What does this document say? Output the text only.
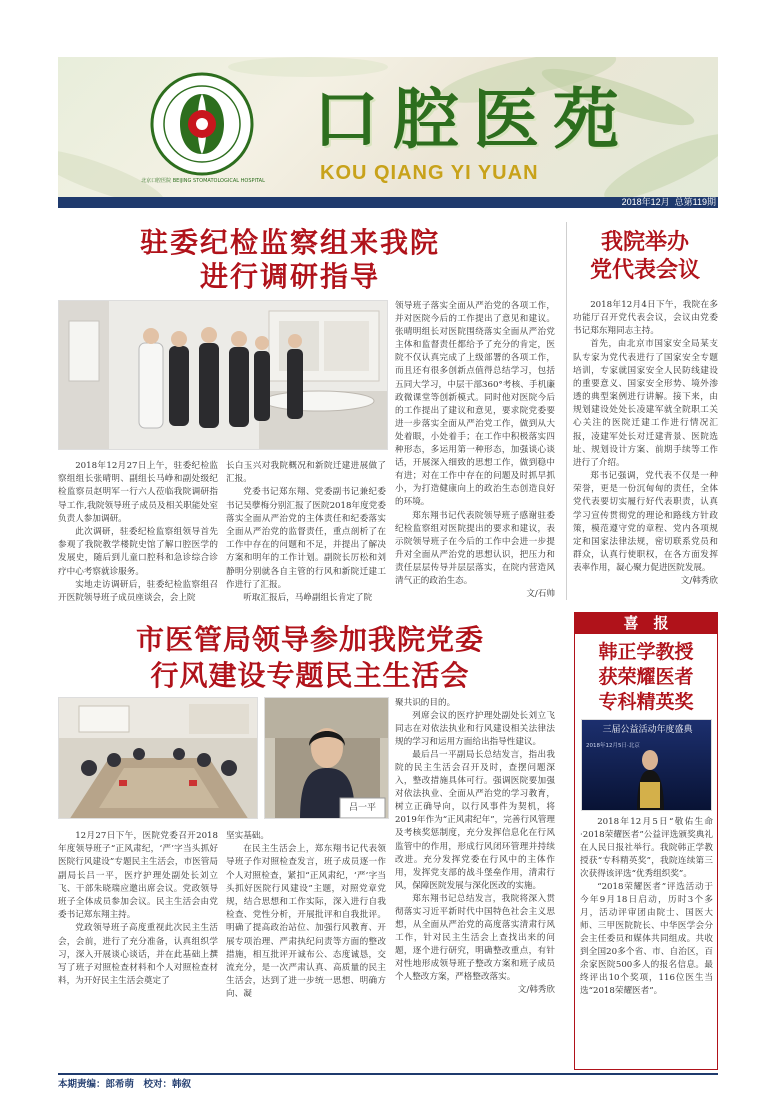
北京口腔医院 BEIJING STOMATOLOGICAL HOSPITAL
口腔医苑
KOU QIANG YI YUAN
2018年12月 总第119期
驻委纪检监察组来我院
进行调研指导

2018年12月27日上午，驻委纪检监察组组长张晴明、副组长马峥和副处级纪检监察员赵明军一行六人莅临我院调研指导工作,我院领导班子成员及相关职能处室负责人参加调研。

此次调研，驻委纪检监察组领导首先参观了我院教学楼院史馆了解口腔医学的发展史，随后到儿童口腔科和急诊综合诊疗中心考察就诊服务。

实地走访调研后，驻委纪检监察组召开医院领导班子成员座谈会，会上院

长白玉兴对我院概况和新院迁建进展做了汇报。

党委书记郑东翔、党委副书记兼纪委书记吴孽梅分别汇报了医院2018年度党委落实全面从严治党的主体责任和纪委落实全面从严治党的监督责任，重点剖析了在工作中存在的问题和不足，并提出了解决方案和明年的工作计划。副院长厉松和刘静明分别就各自主管的行风和新院迁建工作进行了汇报。

听取汇报后，马峥副组长肯定了院

领导班子落实全面从严治党的各项工作，并对医院今后的工作提出了意见和建议。张晴明组长对医院围绕落实全面从严治党主体和监督责任都给予了充分的肯定，医院不仅认真完成了上级部署的各项工作，而且还有很多创新点值得总结学习，包括五同大学习，中层干部360°考核、手机廉政微课堂等创新模式。同时他对医院今后的工作提出了建议和意见，要求院党委要进一步落实全面从严治党工作，做到从大处着眼，小处着手；在工作中积极落实四种形态，多运用第一种形态，加强谈心谈话，开展深入细致的思想工作，做到稳中有进；对在工作中存在的问题及时抓早抓小，为打造健康向上的政治生态创造良好的环境。

郑东翔书记代表院领导班子感谢驻委纪检监察组对医院提出的要求和建议，表示院领导班子在今后的工作中会进一步提升对全面从严治党的思想认识，把压力和责任层层传导并层层落实，在院内营造风清气正的政治生态。

文/石帅
我院举办
党代表会议

2018年12月4日下午，我院在多功能厅召开党代表会议，会议由党委书记郑东翔同志主持。

首先，由北京市国家安全局某支队专家为党代表进行了国家安全专题培训，专家就国家安全人民防线建设的重要意义、国家安全形势、境外渗透的典型案例进行讲解。接下来，由规划建设处处长凌建军就全院职工关心关注的医院迁建工作进行情况汇报，凌建军处长对迁建背景、医院选址、规划设计方案、前期手续等工作进行了介绍。

郑书记强调，党代表不仅是一种荣誉，更是一份沉甸甸的责任，全体党代表要切实履行好代表职责，认真学习宣传贯彻党的理论和路线方针政策，模范遵守党的章程、党内各项规定和国家法律法规，密切联系党员和群众，认真行使职权，在各方面发挥表率作用，凝心聚力促进医院发展。

文/韩秀欣
市医管局领导参加我院党委
行风建设专题民主生活会
吕一平

12月27日下午，医院党委召开2018年度领导班子“正风肃纪，‘严’字当头抓好医院行风建设”专题民主生活会，市医管局副局长吕一平，医疗护理处副处长刘立飞、干部朱晓瑞应邀出席会议。党政领导班子全体成员参加会议。民主生活会由党委书记郑东翔主持。

党政领导班子高度重视此次民主生活会，会前，进行了充分准备，认真组织学习，深入开展谈心谈话，并在此基础上撰写了班子对照检查材料和个人对照检查材料，为开好民主生活会奠定了

坚实基础。

在民主生活会上，郑东翔书记代表领导班子作对照检查发言，班子成员逐一作个人对照检查，紧扣“正风肃纪，‘严’字当头抓好医院行风建设”主题，对照党章党规，结合思想和工作实际，深入进行自我检查、党性分析，开展批评和自我批评。明确了提高政治站位、加强行风教育、开展专项治理、严肃执纪问责等方面的整改措施，相互批评开诚布公、态度诚恳，交流充分，是一次严肃认真、高质量的民主生活会，达到了进一步统一思想、明确方向、凝

聚共识的目的。

列席会议的医疗护理处副处长刘立飞同志在对依法执业和行风建设相关法律法规的学习和运用方面给出指导性建议。

最后吕一平副局长总结发言，指出我院的民主生活会召开及时，查摆问题深入，整改措施具体可行。强调医院要加强对依法执业、全面从严治党的学习教育，树立正确导向，以行风事件为契机，将2019年作为“正风肃纪年”，完善行风管理及考核奖惩制度，充分发挥信息化在行风监管中的作用，形成行风闭环管理并持续改进。充分发挥党委在行风中的主体作用，发挥党支部的战斗堡垒作用，清肃行风，保障医院发展与深化医改的实施。

郑东翔书记总结发言，我院将深入贯彻落实习近平新时代中国特色社会主义思想，从全面从严治党的高度落实清肃行风工作，针对民主生活会上查找出来的问题，逐个进行研究，明确整改重点，有针对性地形成领导班子整改方案和班子成员个人整改方案，严格整改落实。

文/韩秀欣
喜　报
韩正学教授
获荣耀医者
专科精英奖
三届公益活动年度盛典
2018年12月5日·北京

2018年12月5日“敬佑生命·2018荣耀医者”公益评选颁奖典礼在人民日报社举行。我院韩正学教授获“专科精英奖”，我院连续第三次获得该评选“优秀组织奖”。

“2018荣耀医者”评选活动于今年9月18日启动，历时3个多月，活动评审团由院士、国医大师、三甲医院院长、中华医学会分会主任委员和媒体共同组成。共收到全国20多个省、市、自治区，百余家医院500多人的报名信息。最终评出10个奖项，116位医生当选“2018荣耀医者”。

本期责编：郎希萌　校对：韩叙
